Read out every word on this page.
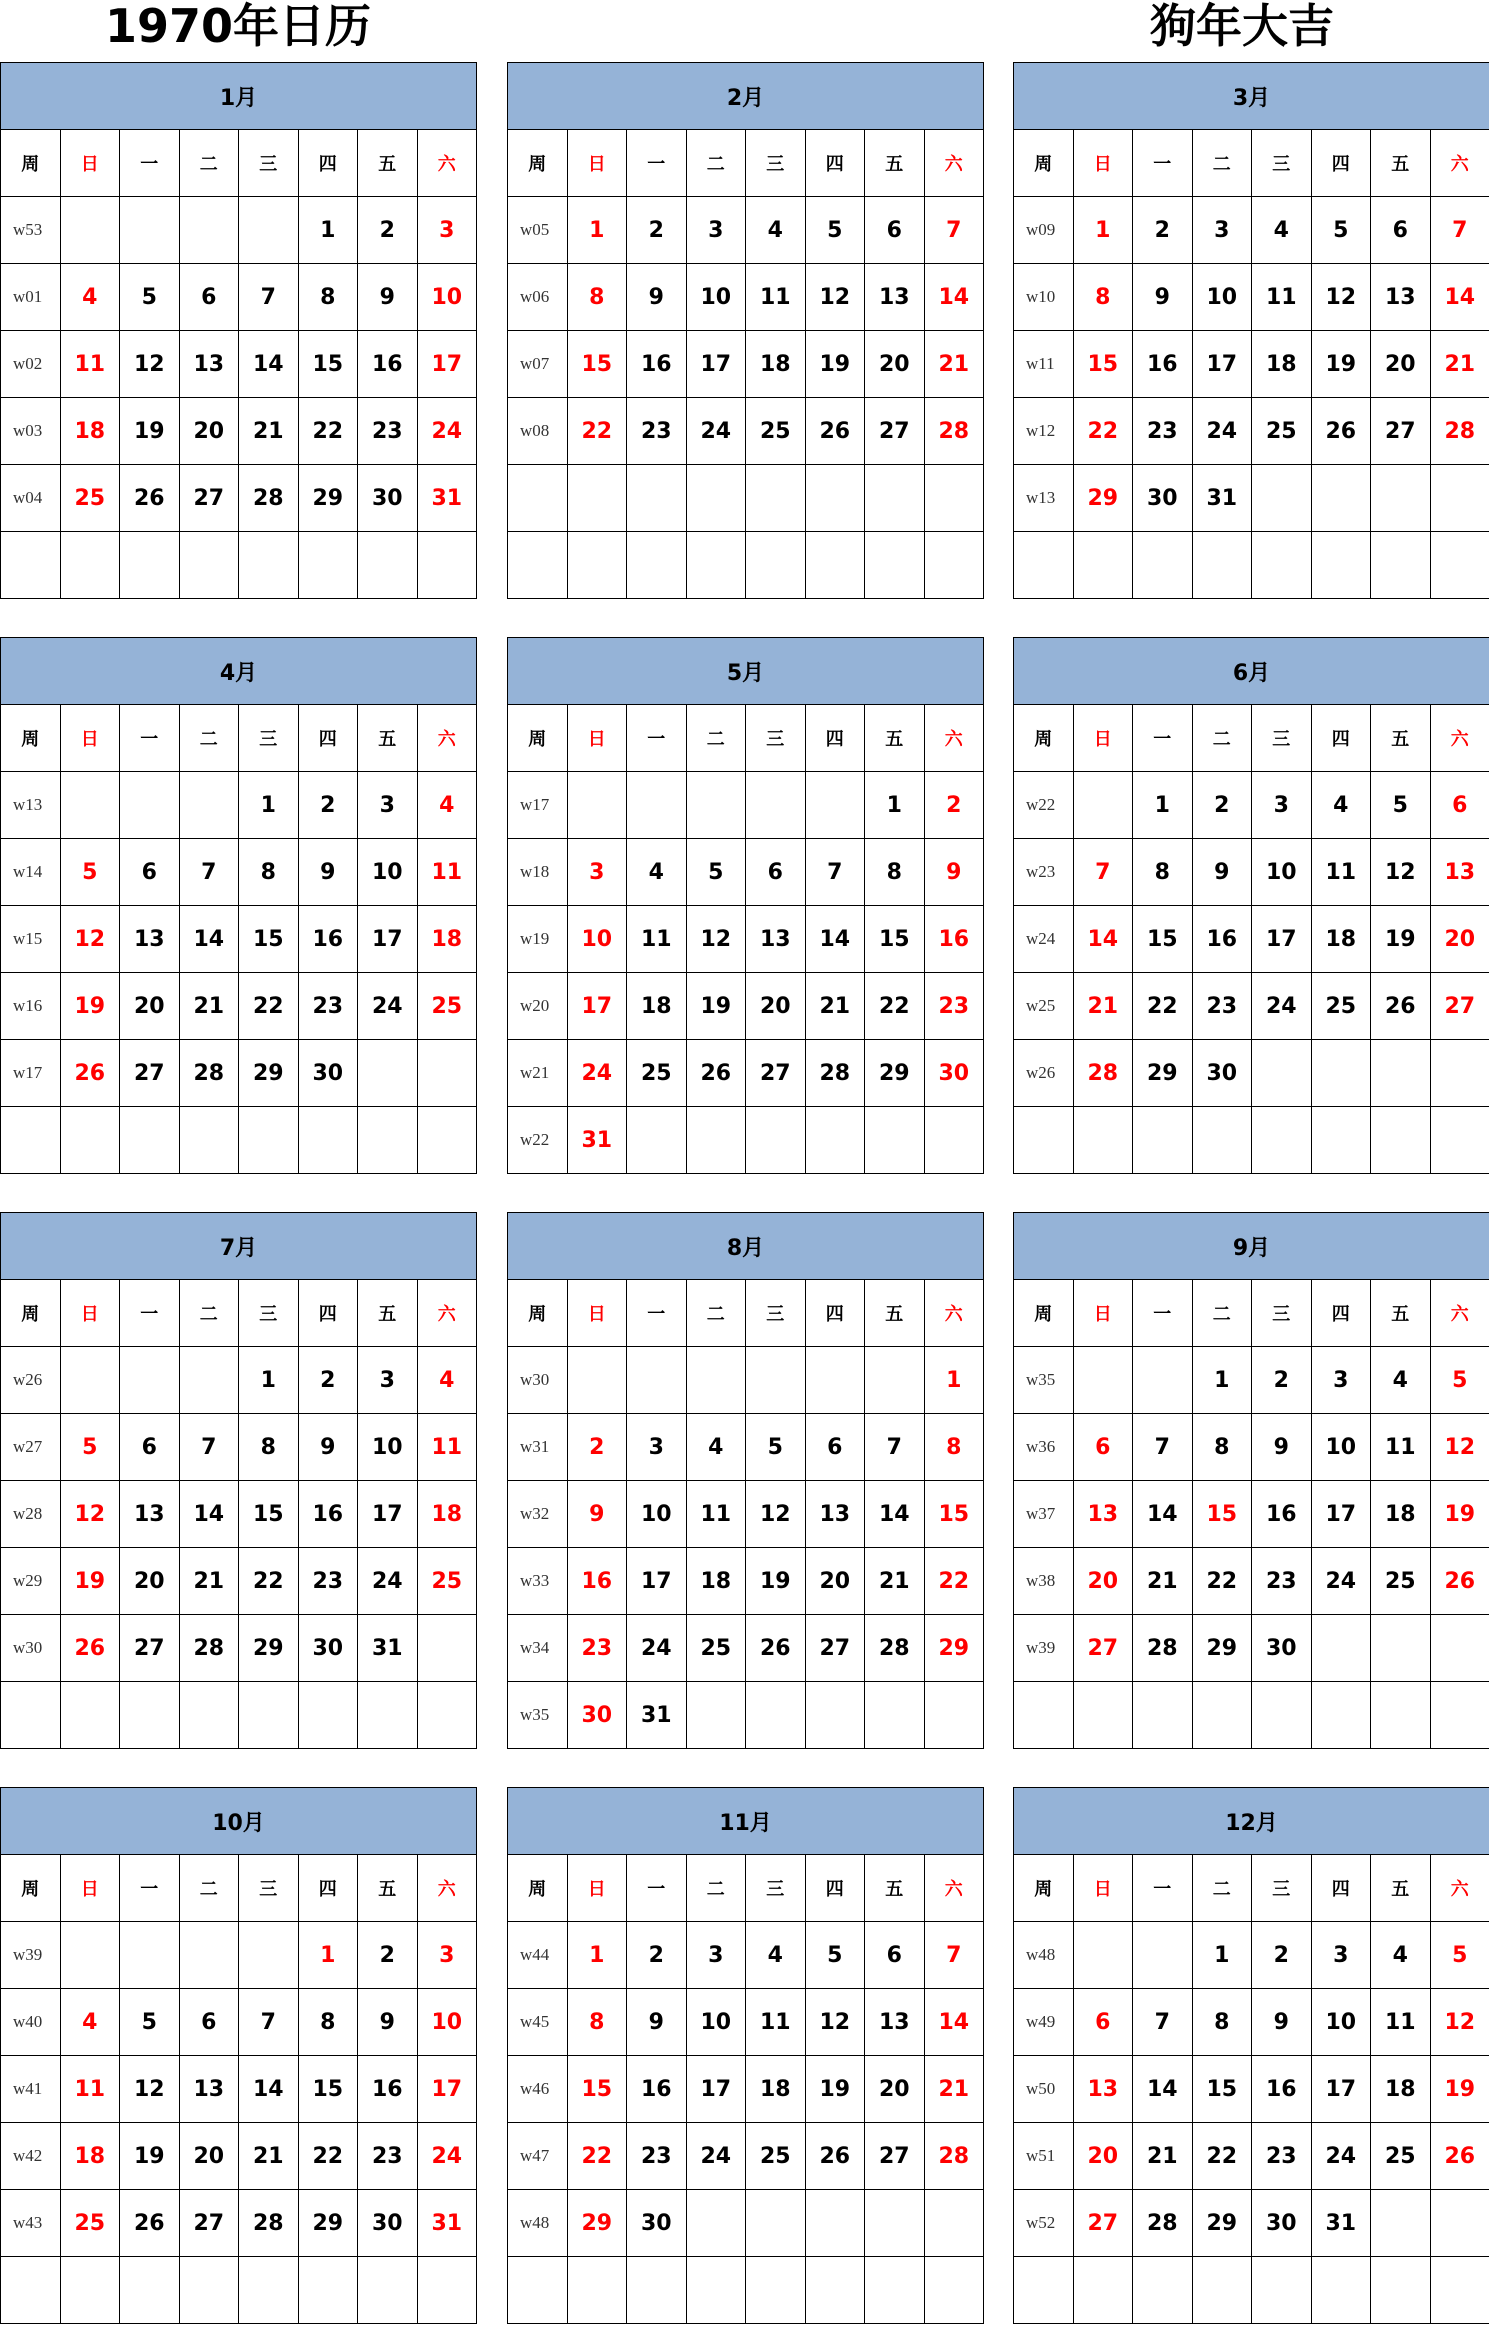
1970年日历	狗年大吉
1月							
周	日	一	二	三	四	五	六
w53					1	2	3
w01	4	5	6	7	8	9	10
w02	11	12	13	14	15	16	17
w03	18	19	20	21	22	23	24
w04	25	26	27	28	29	30	31

2月							
周	日	一	二	三	四	五	六
w05	1	2	3	4	5	6	7
w06	8	9	10	11	12	13	14
w07	15	16	17	18	19	20	21
w08	22	23	24	25	26	27	28

3月							
周	日	一	二	三	四	五	六
w09	1	2	3	4	5	6	7
w10	8	9	10	11	12	13	14
w11	15	16	17	18	19	20	21
w12	22	23	24	25	26	27	28
w13	29	30	31				

4月							
周	日	一	二	三	四	五	六
w13				1	2	3	4
w14	5	6	7	8	9	10	11
w15	12	13	14	15	16	17	18
w16	19	20	21	22	23	24	25
w17	26	27	28	29	30		

5月							
周	日	一	二	三	四	五	六
w17						1	2
w18	3	4	5	6	7	8	9
w19	10	11	12	13	14	15	16
w20	17	18	19	20	21	22	23
w21	24	25	26	27	28	29	30
w22	31						
6月							
周	日	一	二	三	四	五	六
w22		1	2	3	4	5	6
w23	7	8	9	10	11	12	13
w24	14	15	16	17	18	19	20
w25	21	22	23	24	25	26	27
w26	28	29	30				

7月							
周	日	一	二	三	四	五	六
w26				1	2	3	4
w27	5	6	7	8	9	10	11
w28	12	13	14	15	16	17	18
w29	19	20	21	22	23	24	25
w30	26	27	28	29	30	31	

8月							
周	日	一	二	三	四	五	六
w30							1
w31	2	3	4	5	6	7	8
w32	9	10	11	12	13	14	15
w33	16	17	18	19	20	21	22
w34	23	24	25	26	27	28	29
w35	30	31					
9月							
周	日	一	二	三	四	五	六
w35			1	2	3	4	5
w36	6	7	8	9	10	11	12
w37	13	14	15	16	17	18	19
w38	20	21	22	23	24	25	26
w39	27	28	29	30			

10月							
周	日	一	二	三	四	五	六
w39					1	2	3
w40	4	5	6	7	8	9	10
w41	11	12	13	14	15	16	17
w42	18	19	20	21	22	23	24
w43	25	26	27	28	29	30	31

11月							
周	日	一	二	三	四	五	六
w44	1	2	3	4	5	6	7
w45	8	9	10	11	12	13	14
w46	15	16	17	18	19	20	21
w47	22	23	24	25	26	27	28
w48	29	30					

12月							
周	日	一	二	三	四	五	六
w48			1	2	3	4	5
w49	6	7	8	9	10	11	12
w50	13	14	15	16	17	18	19
w51	20	21	22	23	24	25	26
w52	27	28	29	30	31		
